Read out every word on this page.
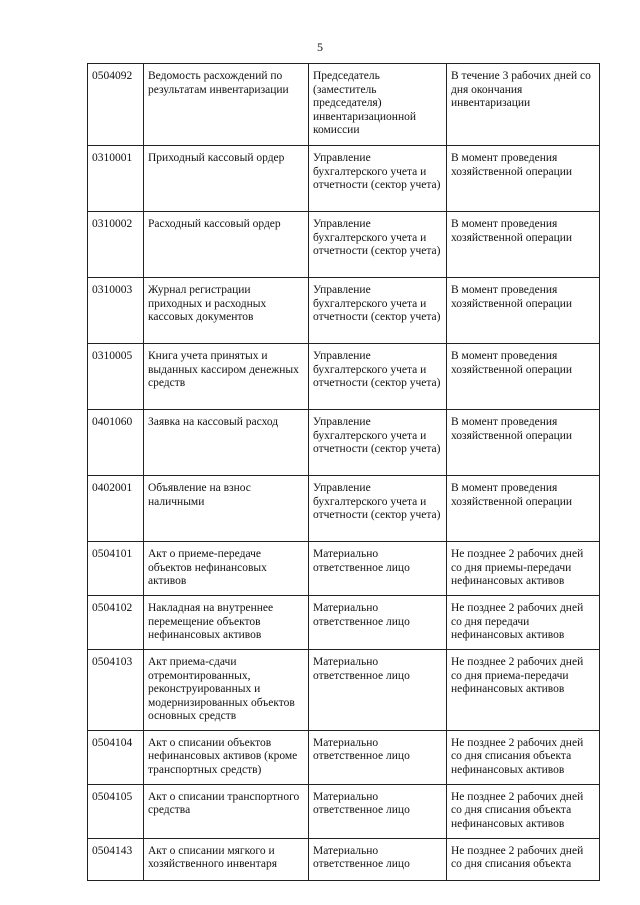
5
0504092	Ведомость расхождений по результатам инвентаризации	Председатель (заместитель председателя) инвентаризационной комиссии	В течение 3 рабочих дней со дня окончания инвентаризации
0310001	Приходный кассовый ордер	Управление бухгалтерского учета и отчетности (сектор учета)	В момент проведения хозяйственной операции
0310002	Расходный кассовый ордер	Управление бухгалтерского учета и отчетности (сектор учета)	В момент проведения хозяйственной операции
0310003	Журнал регистрации приходных и расходных кассовых документов	Управление бухгалтерского учета и отчетности (сектор учета)	В момент проведения хозяйственной операции
0310005	Книга учета принятых и выданных кассиром денежных средств	Управление бухгалтерского учета и отчетности (сектор учета)	В момент проведения хозяйственной операции
0401060	Заявка на кассовый расход	Управление бухгалтерского учета и отчетности (сектор учета)	В момент проведения хозяйственной операции
0402001	Объявление на взнос наличными	Управление бухгалтерского учета и отчетности (сектор учета)	В момент проведения хозяйственной операции
0504101	Акт о приеме-передаче объектов нефинансовых активов	Материально ответственное лицо	Не позднее 2 рабочих дней со дня приемы-передачи нефинансовых активов
0504102	Накладная на внутреннее перемещение объектов нефинансовых активов	Материально ответственное лицо	Не позднее 2 рабочих дней со дня передачи нефинансовых активов
0504103	Акт приема-сдачи отремонтированных, реконструированных и модернизированных объектов основных средств	Материально ответственное лицо	Не позднее 2 рабочих дней со дня приема-передачи нефинансовых активов
0504104	Акт о списании объектов нефинансовых активов (кроме транспортных средств)	Материально ответственное лицо	Не позднее 2 рабочих дней со дня списания объекта нефинансовых активов
0504105	Акт о списании транспортного средства	Материально ответственное лицо	Не позднее 2 рабочих дней со дня списания объекта нефинансовых активов
0504143	Акт о списании мягкого и хозяйственного инвентаря	Материально ответственное лицо	Не позднее 2 рабочих дней со дня списания объекта
